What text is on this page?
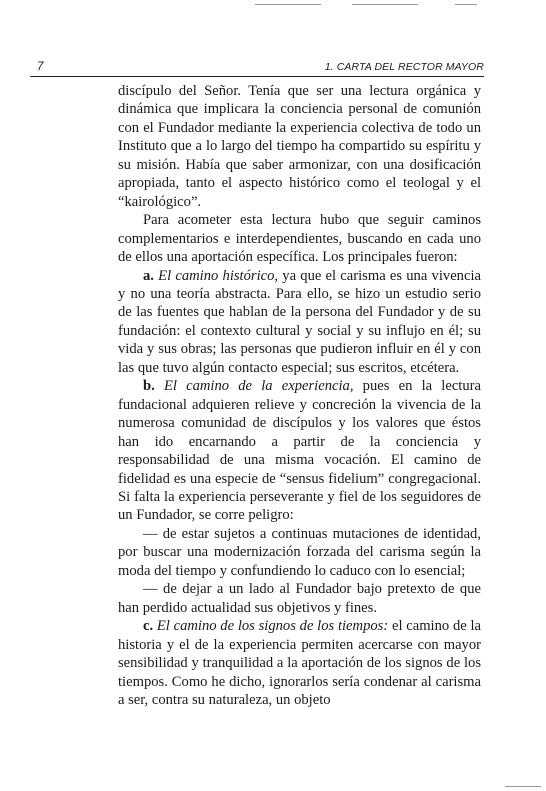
7	1. CARTA DEL RECTOR MAYOR

discípulo del Señor. Tenía que ser una lectura orgánica y dinámica que implicara la conciencia personal de comunión con el Fundador mediante la experiencia colectiva de todo un Instituto que a lo largo del tiempo ha compartido su espíritu y su misión. Había que saber armonizar, con una dosificación apropiada, tanto el aspecto histórico como el teologal y el “kairológico”.

Para acometer esta lectura hubo que seguir caminos complementarios e interdependientes, buscando en cada uno de ellos una aportación específica. Los principales fueron:

a. El camino histórico, ya que el carisma es una vivencia y no una teoría abstracta. Para ello, se hizo un estudio serio de las fuentes que hablan de la persona del Fundador y de su fundación: el contexto cultural y social y su influjo en él; su vida y sus obras; las personas que pudieron influir en él y con las que tuvo algún contacto especial; sus escritos, etcétera.

b. El camino de la experiencia, pues en la lectura fundacional adquieren relieve y concreción la vivencia de la numerosa comunidad de discípulos y los valores que éstos han ido encarnando a partir de la conciencia y responsabilidad de una misma vocación. El camino de fidelidad es una especie de “sensus fidelium” congregacional. Si falta la experiencia perseverante y fiel de los seguidores de un Fundador, se corre peligro:

— de estar sujetos a continuas mutaciones de identidad, por buscar una modernización forzada del carisma según la moda del tiempo y confundiendo lo caduco con lo esencial;

— de dejar a un lado al Fundador bajo pretexto de que han perdido actualidad sus objetivos y fines.

c. El camino de los signos de los tiempos: el camino de la historia y el de la experiencia permiten acercarse con mayor sensibilidad y tranquilidad a la aportación de los signos de los tiempos. Como he dicho, ignorarlos sería condenar al carisma a ser, contra su naturaleza, un objeto
